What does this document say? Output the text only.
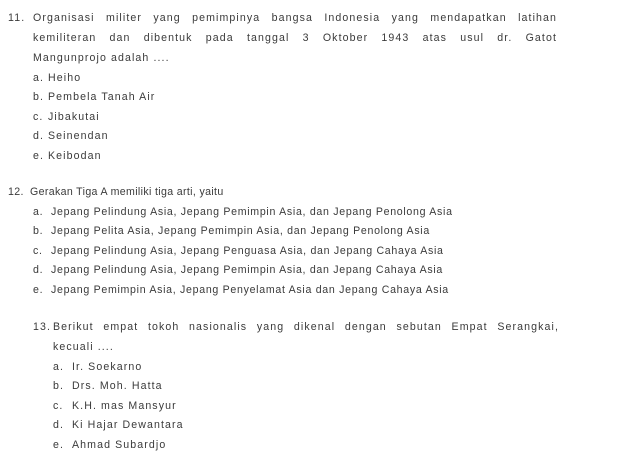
11. Organisasi militer yang pemimpinya bangsa Indonesia yang mendapatkan latihan
kemiliteran dan dibentuk pada tanggal 3 Oktober 1943 atas usul dr. Gatot
Mangunprojo adalah ....
a. Heiho
b. Pembela Tanah Air
c. Jibakutai
d. Seinendan
e. Keibodan
12. Gerakan Tiga A memiliki tiga arti, yaitu
a. Jepang Pelindung Asia, Jepang Pemimpin Asia, dan Jepang Penolong Asia
b. Jepang Pelita Asia, Jepang Pemimpin Asia, dan Jepang Penolong Asia
c. Jepang Pelindung Asia, Jepang Penguasa Asia, dan Jepang Cahaya Asia
d. Jepang Pelindung Asia, Jepang Pemimpin Asia, dan Jepang Cahaya Asia
e. Jepang Pemimpin Asia, Jepang Penyelamat Asia dan Jepang Cahaya Asia
13. Berikut empat tokoh nasionalis yang dikenal dengan sebutan Empat Serangkai,
kecuali ....
a. Ir. Soekarno
b. Drs. Moh. Hatta
c. K.H. mas Mansyur
d. Ki Hajar Dewantara
e. Ahmad Subardjo
